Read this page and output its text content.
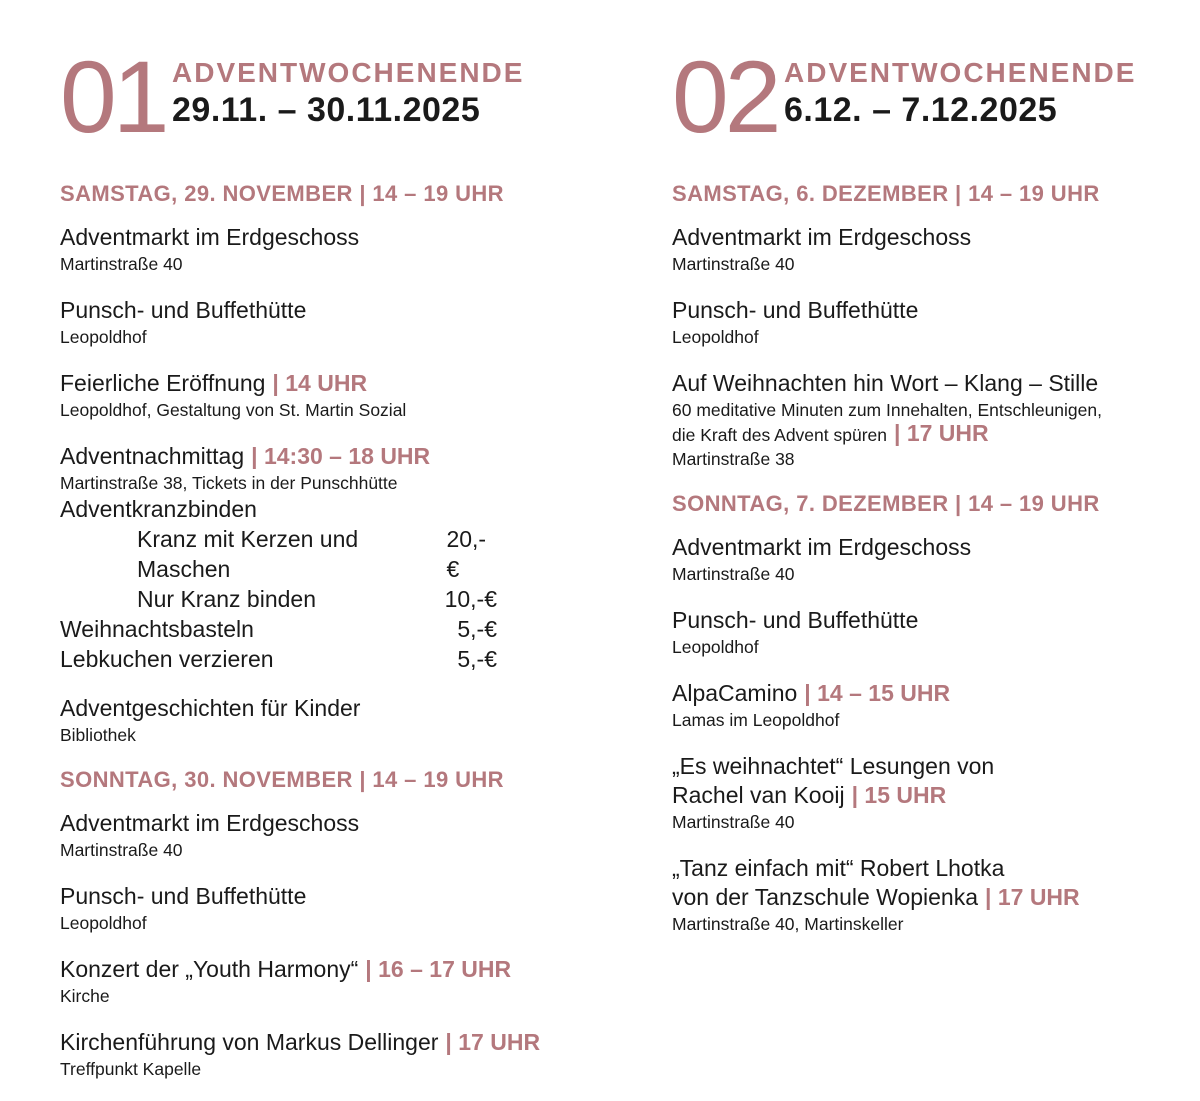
01 ADVENTWOCHENENDE
29.11. – 30.11.2025
SAMSTAG, 29. NOVEMBER | 14 – 19 UHR
Adventmarkt im Erdgeschoss
Martinstraße 40
Punsch- und Buffethütte
Leopoldhof
Feierliche Eröffnung | 14 UHR
Leopoldhof, Gestaltung von St. Martin Sozial
Adventnachmittag | 14:30 – 18 UHR
Martinstraße 38, Tickets in der Punschhütte
Adventkranzbinden
Kranz mit Kerzen und Maschen
20,-€
Nur Kranz binden	10,-€
Weihnachtsbasteln	5,-€
Lebkuchen verzieren	5,-€
Adventgeschichten für Kinder
Bibliothek
SONNTAG, 30. NOVEMBER | 14 – 19 UHR
Adventmarkt im Erdgeschoss
Martinstraße 40
Punsch- und Buffethütte
Leopoldhof
Konzert der „Youth Harmony“ | 16 – 17 UHR
Kirche
Kirchenführung von Markus Dellinger | 17 UHR
Treffpunkt Kapelle
02 ADVENTWOCHENENDE
6.12. – 7.12.2025
SAMSTAG, 6. DEZEMBER | 14 – 19 UHR
Adventmarkt im Erdgeschoss
Martinstraße 40
Punsch- und Buffethütte
Leopoldhof
Auf Weihnachten hin Wort – Klang – Stille
60 meditative Minuten zum Innehalten, Entschleunigen,
die Kraft des Advent spüren | 17 UHR
Martinstraße 38
SONNTAG, 7. DEZEMBER | 14 – 19 UHR
Adventmarkt im Erdgeschoss
Martinstraße 40
Punsch- und Buffethütte
Leopoldhof
AlpaCamino | 14 – 15 UHR
Lamas im Leopoldhof
„Es weihnachtet“ Lesungen von
Rachel van Kooij | 15 UHR
Martinstraße 40
„Tanz einfach mit“ Robert Lhotka
von der Tanzschule Wopienka | 17 UHR
Martinstraße 40, Martinskeller
